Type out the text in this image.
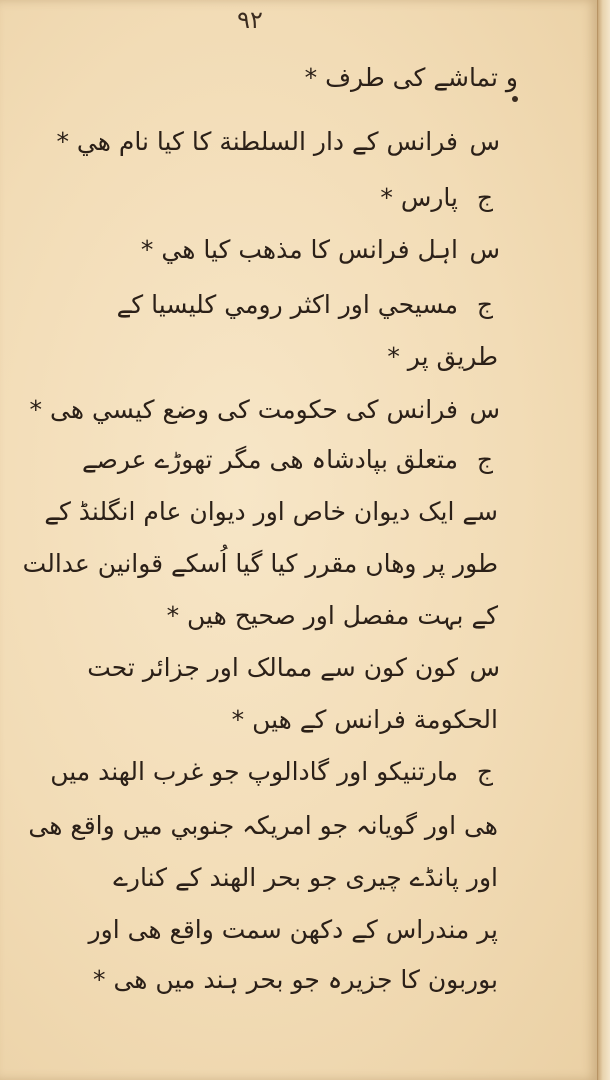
۹۲
و تماشے کی طرف *
س
فرانس کے دار السلطنة کا کیا نام ھي *
ج
پارس *
س
اہل فرانس کا مذھب کیا ھي *
ج
مسیحي اور اکثر رومي کلیسیا کے
طریق پر *
س
فرانس کی حکومت کی وضع کیسي ھی *
ج
متعلق بپادشاہ ھی مگر تھوڑے عرصے
سے ایک دیوان خاص اور دیوان عام انگلنڈ کے
طور پر وھاں مقرر کیا گیا اُسکے قوانین عدالت
کے بہت مفصل اور صحیح ھیں *
س
کون کون سے ممالک اور جزائر تحت
الحکومة فرانس کے ھیں *
ج
مارتنیکو اور گادالوپ جو غرب الهند میں
ھی اور گویانہ جو امریکہ جنوبي میں واقع ھی
اور پانڈے چیری جو بحر الهند کے کنارے
پر مندراس کے دکھن سمت واقع ھی اور
بوربون کا جزیرہ جو بحر ہند میں ھی *
